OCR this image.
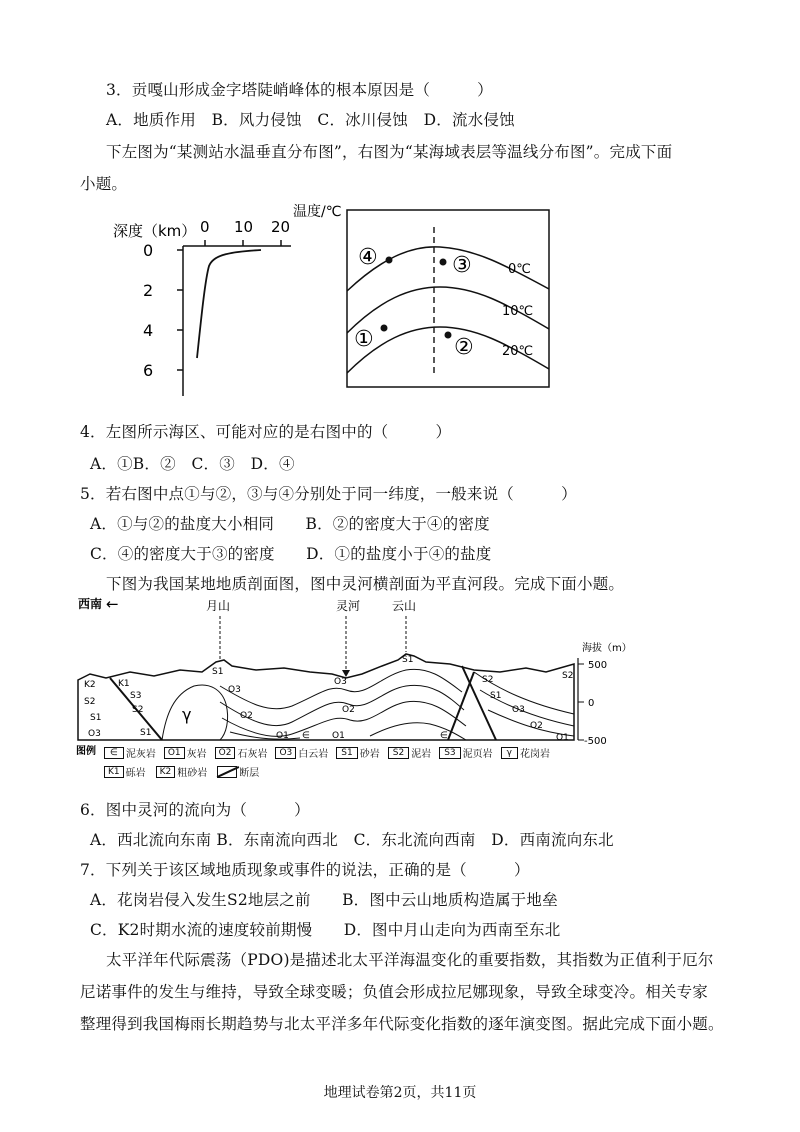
3．贡嘎山形成金字塔陡峭峰体的根本原因是（　　　）
A．地质作用　B．风力侵蚀　C．冰川侵蚀　D．流水侵蚀
下左图为“某测站水温垂直分布图”，右图为“某海域表层等温线分布图”。完成下面
小题。
深度（km）
温度/℃
0 10 20
0
2
4
6
0℃
10℃
20℃
④	③
①	②
4．左图所示海区、可能对应的是右图中的（　　　）
A．①B．②　C．③　D．④
5．若右图中点①与②，③与④分别处于同一纬度，一般来说（　　　）
A．①与②的盐度大小相同　　B．②的密度大于④的密度
C．④的密度大于③的密度　　D．①的盐度小于④的盐度
下图为我国某地地质剖面图，图中灵河横剖面为平直河段。完成下面小题。
西南 ←	月山	灵河	云山
海拔（m）
500
0
-500
K2 K1
S2
S1
O3
S3
S2
S1
γ
S1
O3
O2
O1
O3
O2
O1
∈
S1
∈
S2
S1
O3
O2
O1
S2
图例	∈ 泥灰岩	O1 灰岩	O2 石灰岩	O3 白云岩	S1 砂岩	S2 泥岩	S3 泥页岩	γ 花岗岩
K1 砾岩	K2 粗砂岩	断层
6．图中灵河的流向为（　　　）
A．西北流向东南 B．东南流向西北　C．东北流向西南　D．西南流向东北
7．下列关于该区域地质现象或事件的说法，正确的是（　　　）
A．花岗岩侵入发生S2地层之前　　B．图中云山地质构造属于地垒
C．K2时期水流的速度较前期慢　　D．图中月山走向为西南至东北
太平洋年代际震荡（PDO)是描述北太平洋海温变化的重要指数，其指数为正值利于厄尔
尼诺事件的发生与维持，导致全球变暖；负值会形成拉尼娜现象，导致全球变冷。相关专家
整理得到我国梅雨长期趋势与北太平洋多年代际变化指数的逐年演变图。据此完成下面小题。
地理试卷第2页，共11页
